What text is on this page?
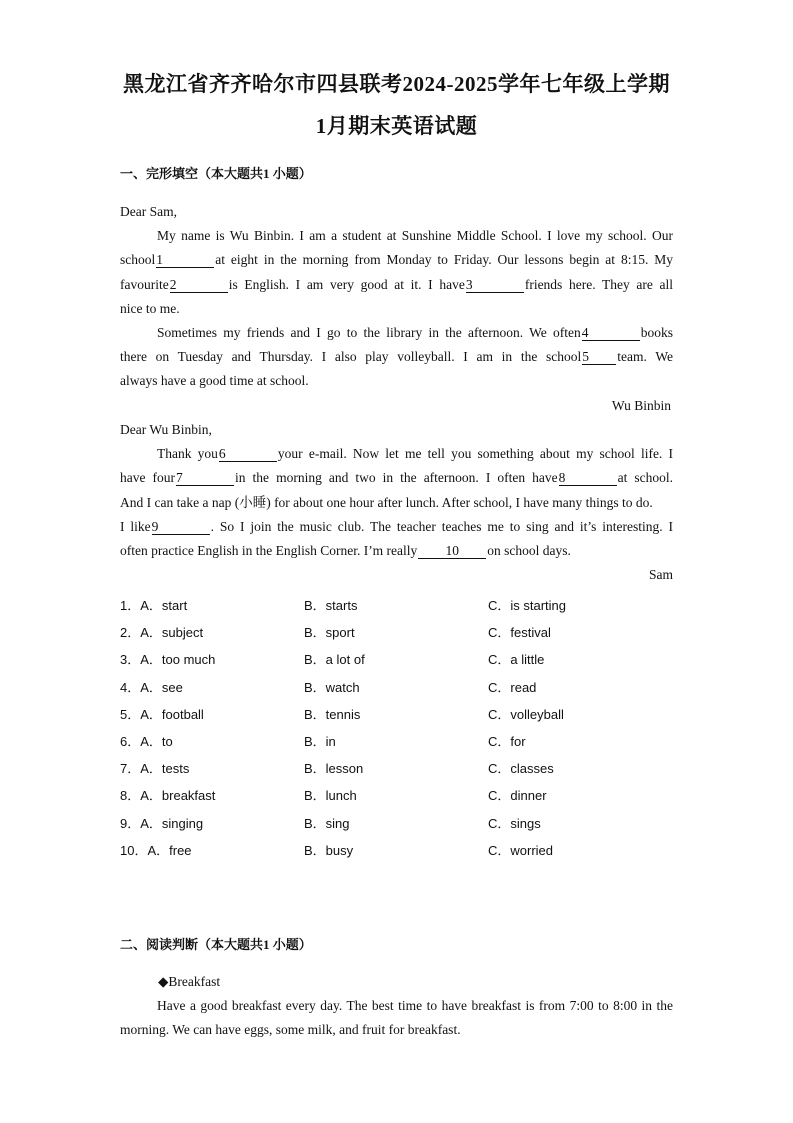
黑龙江省齐齐哈尔市四县联考2024-2025学年七年级上学期
1月期末英语试题
一、完形填空（本大题共1 小题）
Dear Sam,
My name is Wu Binbin. I am a student at Sunshine Middle School. I love my school. Our
school1	at eight in the morning from Monday to Friday. Our lessons begin at 8:15. My
favourite2	is English. I am very good at it. I have3	friends here. They are all
nice to me.
Sometimes my friends and I go to the library in the afternoon. We often4	books
there on Tuesday and Thursday. I also play volleyball. I am in the school5 team. We
always have a good time at school.
Wu Binbin
Dear Wu Binbin,
Thank you6	your e-mail. Now let me tell you something about my school life. I
have four7	in the morning and two in the afternoon. I often have8	at school.
And I can take a nap (小睡) for about one hour after lunch. After school, I have many things to do.
I like9	. So I join the music club. The teacher teaches me to sing and it’s interesting. I
often practice English in the English Corner. I’m really 10 on school days.
Sam
1．A．start	B．starts	C．is starting
2．A．subject	B．sport	C．festival
3．A．too much	B．a lot of	C．a little
4．A．see	B．watch	C．read
5．A．football	B．tennis	C．volleyball
6．A．to	B．in	C．for
7．A．tests	B．lesson	C．classes
8．A．breakfast	B．lunch	C．dinner
9．A．singing	B．sing	C．sings
10．A．free	B．busy	C．worried
二、阅读判断（本大题共1 小题）
◆Breakfast
Have a good breakfast every day. The best time to have breakfast is from 7:00 to 8:00 in the
morning. We can have eggs, some milk, and fruit for breakfast.
